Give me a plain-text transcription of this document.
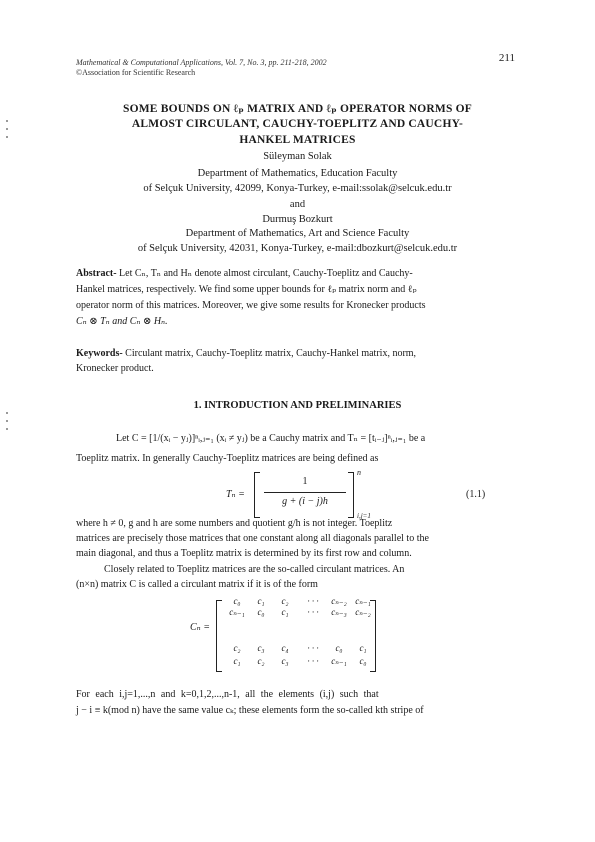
Mathematical & Computational Applications, Vol. 7, No. 3, pp. 211-218, 2002
©Association for Scientific Research
211
SOME BOUNDS ON ℓₚ MATRIX AND ℓₚ OPERATOR NORMS OF
ALMOST CIRCULANT, CAUCHY-TOEPLITZ AND CAUCHY-
HANKEL MATRICES
Süleyman Solak
Department of Mathematics, Education Faculty
of Selçuk University, 42099, Konya-Turkey, e-mail:ssolak@selcuk.edu.tr
and
Durmuş Bozkurt
Department of Mathematics, Art and Science Faculty
of Selçuk University, 42031, Konya-Turkey, e-mail:dbozkurt@selcuk.edu.tr
Abstract- Let Cₙ, Tₙ and Hₙ denote almost circulant, Cauchy-Toeplitz and Cauchy-
Hankel matrices, respectively. We find some upper bounds for ℓₚ matrix norm and ℓₚ
operator norm of this matrices. Moreover, we give some results for Kronecker products
Cₙ ⊗ Tₙ and Cₙ ⊗ Hₙ.
Keywords- Circulant matrix, Cauchy-Toeplitz matrix, Cauchy-Hankel matrix, norm,
Kronecker product.
1. INTRODUCTION AND PRELIMINARIES
Let C = [1/(xᵢ − yⱼ)]ⁿᵢ,ⱼ₌₁ (xᵢ ≠ yⱼ) be a Cauchy matrix and Tₙ = [tᵢ₋ⱼ]ⁿᵢ,ⱼ₌₁ be a
Toeplitz matrix. In generally Cauchy-Toeplitz matrices are being defined as
Tₙ =
1
g + (i − j)h
n
i,j=1
(1.1)
where h ≠ 0, g and h are some numbers and quotient g/h is not integer. Toeplitz
matrices are precisely those matrices that one constant along all diagonals parallel to the
main diagonal, and thus a Toeplitz matrix is determined by its first row and column.
Closely related to Toeplitz matrices are the so-called circulant matrices. An
(n×n) matrix C is called a circulant matrix if it is of the form
Cₙ =
c₀	c₁	c₂	· · ·	cₙ₋₂ cₙ₋₁
cₙ₋₁	c₀	c₁	· · ·	cₙ₋₃ cₙ₋₂
c₂	c₃	c₄	· · ·	c₀	c₁
c₁	c₂	c₃	· · ·	cₙ₋₁	c₀
For each i,j=1,...,n and k=0,1,2,...,n-1, all the elements (i,j) such that
j − i ≡ k(mod n) have the same value cₖ; these elements form the so-called kth stripe of
